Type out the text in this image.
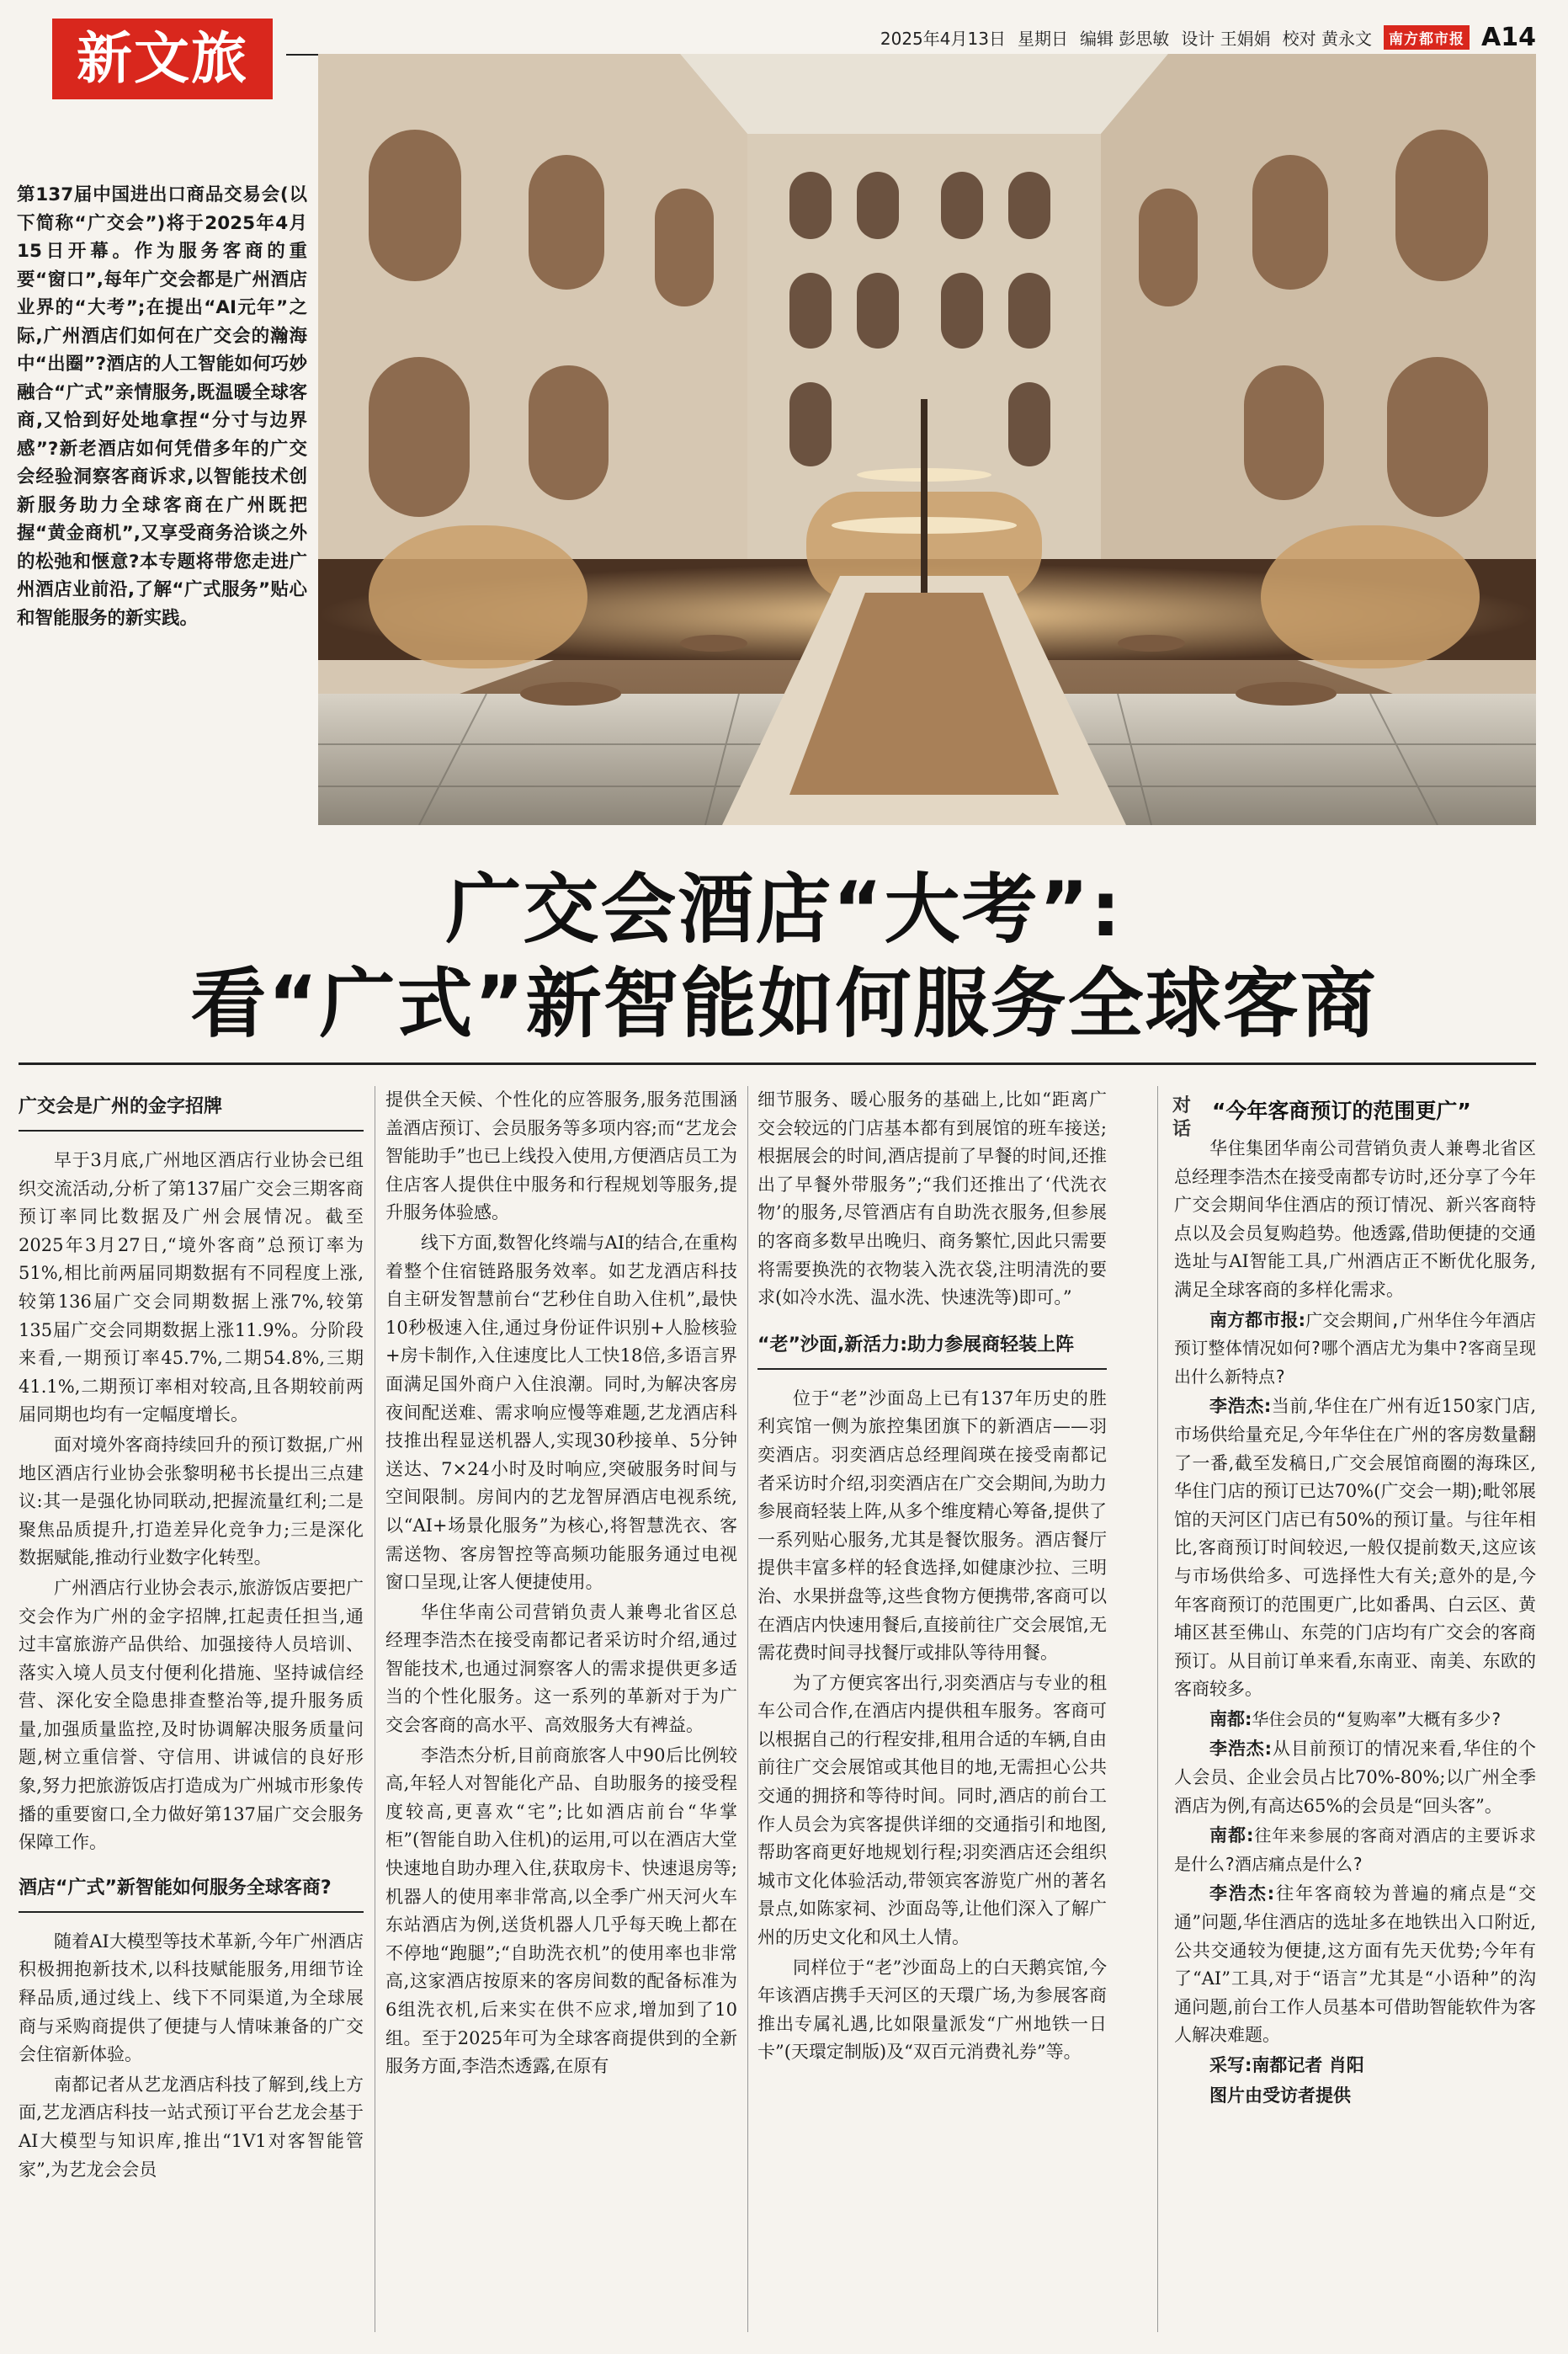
新文旅	2025年4月13日 星期日 编辑 彭思敏 设计 王娟娟 校对 黄永文	南方都市报 A14
第137届中国进出口商品交易会(以下简称“广交会”)将于2025年4月15日开幕。作为服务客商的重要“窗口”,每年广交会都是广州酒店业界的“大考”;在提出“AI元年”之际,广州酒店们如何在广交会的瀚海中“出圈”?酒店的人工智能如何巧妙融合“广式”亲情服务,既温暖全球客商,又恰到好处地拿捏“分寸与边界感”?新老酒店如何凭借多年的广交会经验洞察客商诉求,以智能技术创新服务助力全球客商在广州既把握“黄金商机”,又享受商务洽谈之外的松弛和惬意?本专题将带您走进广州酒店业前沿,了解“广式服务”贴心和智能服务的新实践。
广交会酒店“大考”:
看“广式”新智能如何服务全球客商
广交会是广州的金字招牌

早于3月底,广州地区酒店行业协会已组织交流活动,分析了第137届广交会三期客商预订率同比数据及广州会展情况。截至2025年3月27日,“境外客商”总预订率为51%,相比前两届同期数据有不同程度上涨,较第136届广交会同期数据上涨7%,较第135届广交会同期数据上涨11.9%。分阶段来看,一期预订率45.7%,二期54.8%,三期41.1%,二期预订率相对较高,且各期较前两届同期也均有一定幅度增长。

面对境外客商持续回升的预订数据,广州地区酒店行业协会张黎明秘书长提出三点建议:其一是强化协同联动,把握流量红利;二是聚焦品质提升,打造差异化竞争力;三是深化数据赋能,推动行业数字化转型。

广州酒店行业协会表示,旅游饭店要把广交会作为广州的金字招牌,扛起责任担当,通过丰富旅游产品供给、加强接待人员培训、落实入境人员支付便利化措施、坚持诚信经营、深化安全隐患排查整治等,提升服务质量,加强质量监控,及时协调解决服务质量问题,树立重信誉、守信用、讲诚信的良好形象,努力把旅游饭店打造成为广州城市形象传播的重要窗口,全力做好第137届广交会服务保障工作。

酒店“广式”新智能如何服务全球客商?

随着AI大模型等技术革新,今年广州酒店积极拥抱新技术,以科技赋能服务,用细节诠释品质,通过线上、线下不同渠道,为全球展商与采购商提供了便捷与人情味兼备的广交会住宿新体验。

南都记者从艺龙酒店科技了解到,线上方面,艺龙酒店科技一站式预订平台艺龙会基于AI大模型与知识库,推出“1V1对客智能管家”,为艺龙会会员

提供全天候、个性化的应答服务,服务范围涵盖酒店预订、会员服务等多项内容;而“艺龙会智能助手”也已上线投入使用,方便酒店员工为住店客人提供住中服务和行程规划等服务,提升服务体验感。

线下方面,数智化终端与AI的结合,在重构着整个住宿链路服务效率。如艺龙酒店科技自主研发智慧前台“艺秒住自助入住机”,最快10秒极速入住,通过身份证件识别+人脸核验+房卡制作,入住速度比人工快18倍,多语言界面满足国外商户入住浪潮。同时,为解决客房夜间配送难、需求响应慢等难题,艺龙酒店科技推出程显送机器人,实现30秒接单、5分钟送达、7×24小时及时响应,突破服务时间与空间限制。房间内的艺龙智屏酒店电视系统,以“AI+场景化服务”为核心,将智慧洗衣、客需送物、客房智控等高频功能服务通过电视窗口呈现,让客人便捷使用。

华住华南公司营销负责人兼粤北省区总经理李浩杰在接受南都记者采访时介绍,通过智能技术,也通过洞察客人的需求提供更多适当的个性化服务。这一系列的革新对于为广交会客商的高水平、高效服务大有裨益。

李浩杰分析,目前商旅客人中90后比例较高,年轻人对智能化产品、自助服务的接受程度较高,更喜欢“宅”;比如酒店前台“华掌柜”(智能自助入住机)的运用,可以在酒店大堂快速地自助办理入住,获取房卡、快速退房等;机器人的使用率非常高,以全季广州天河火车东站酒店为例,送货机器人几乎每天晚上都在不停地“跑腿”;“自助洗衣机”的使用率也非常高,这家酒店按原来的客房间数的配备标准为6组洗衣机,后来实在供不应求,增加到了10组。至于2025年可为全球客商提供到的全新服务方面,李浩杰透露,在原有

细节服务、暖心服务的基础上,比如“距离广交会较远的门店基本都有到展馆的班车接送;根据展会的时间,酒店提前了早餐的时间,还推出了早餐外带服务”;“我们还推出了‘代洗衣物’的服务,尽管酒店有自助洗衣服务,但参展的客商多数早出晚归、商务繁忙,因此只需要将需要换洗的衣物装入洗衣袋,注明清洗的要求(如冷水洗、温水洗、快速洗等)即可。”

“老”沙面,新活力:助力参展商轻装上阵

位于“老”沙面岛上已有137年历史的胜利宾馆一侧为旅控集团旗下的新酒店——羽奕酒店。羽奕酒店总经理阎瑛在接受南都记者采访时介绍,羽奕酒店在广交会期间,为助力参展商轻装上阵,从多个维度精心筹备,提供了一系列贴心服务,尤其是餐饮服务。酒店餐厅提供丰富多样的轻食选择,如健康沙拉、三明治、水果拼盘等,这些食物方便携带,客商可以在酒店内快速用餐后,直接前往广交会展馆,无需花费时间寻找餐厅或排队等待用餐。

为了方便宾客出行,羽奕酒店与专业的租车公司合作,在酒店内提供租车服务。客商可以根据自己的行程安排,租用合适的车辆,自由前往广交会展馆或其他目的地,无需担心公共交通的拥挤和等待时间。同时,酒店的前台工作人员会为宾客提供详细的交通指引和地图,帮助客商更好地规划行程;羽奕酒店还会组织城市文化体验活动,带领宾客游览广州的著名景点,如陈家祠、沙面岛等,让他们深入了解广州的历史文化和风土人情。

同样位于“老”沙面岛上的白天鹅宾馆,今年该酒店携手天河区的天環广场,为参展客商推出专属礼遇,比如限量派发“广州地铁一日卡”(天環定制版)及“双百元消费礼券”等。

对
话
“今年客商预订的范围更广”

华住集团华南公司营销负责人兼粤北省区总经理李浩杰在接受南都专访时,还分享了今年广交会期间华住酒店的预订情况、新兴客商特点以及会员复购趋势。他透露,借助便捷的交通选址与AI智能工具,广州酒店正不断优化服务,满足全球客商的多样化需求。

南方都市报:广交会期间,广州华住今年酒店预订整体情况如何?哪个酒店尤为集中?客商呈现出什么新特点?

李浩杰:当前,华住在广州有近150家门店,市场供给量充足,今年华住在广州的客房数量翻了一番,截至发稿日,广交会展馆商圈的海珠区,华住门店的预订已达70%(广交会一期);毗邻展馆的天河区门店已有50%的预订量。与往年相比,客商预订时间较迟,一般仅提前数天,这应该与市场供给多、可选择性大有关;意外的是,今年客商预订的范围更广,比如番禺、白云区、黄埔区甚至佛山、东莞的门店均有广交会的客商预订。从目前订单来看,东南亚、南美、东欧的客商较多。

南都:华住会员的“复购率”大概有多少?

李浩杰:从目前预订的情况来看,华住的个人会员、企业会员占比70%-80%;以广州全季酒店为例,有高达65%的会员是“回头客”。

南都:往年来参展的客商对酒店的主要诉求是什么?酒店痛点是什么?

李浩杰:往年客商较为普遍的痛点是“交通”问题,华住酒店的选址多在地铁出入口附近,公共交通较为便捷,这方面有先天优势;今年有了“AI”工具,对于“语言”尤其是“小语种”的沟通问题,前台工作人员基本可借助智能软件为客人解决难题。

采写:南都记者 肖阳

图片由受访者提供
